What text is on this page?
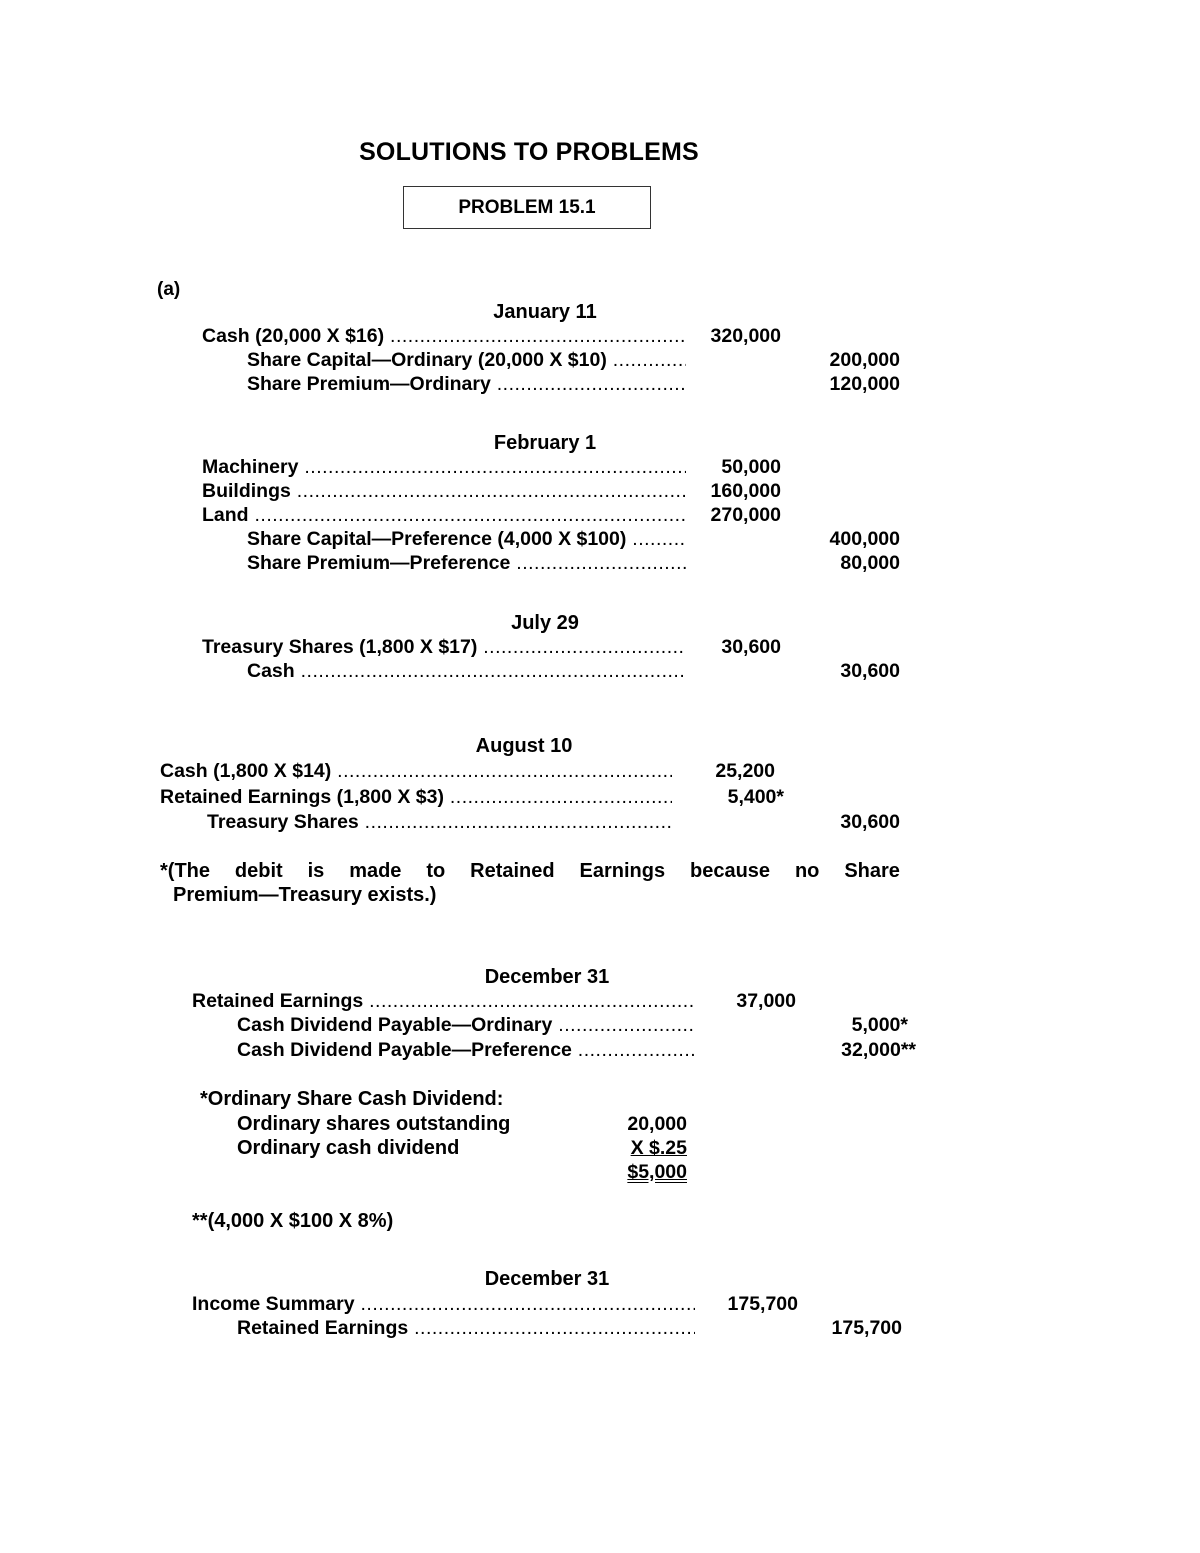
SOLUTIONS TO PROBLEMS
PROBLEM 15.1
(a)
January 11
Cash (20,000 X $16) .....	320,000
Share Capital—Ordinary (20,000 X $10) .....	200,000
Share Premium—Ordinary .....	120,000
February 1
Machinery .....	50,000
Buildings .....	160,000
Land .....	270,000
Share Capital—Preference (4,000 X $100) .....	400,000
Share Premium—Preference .....	80,000
July 29
Treasury Shares (1,800 X $17) .....	30,600
Cash .....	30,600
August 10
Cash (1,800 X $14) .....	25,200
Retained Earnings (1,800 X $3) .....	5,400*
Treasury Shares .....	30,600
*(The debit is made to Retained Earnings because no Share
Premium—Treasury exists.)
December 31
Retained Earnings .....	37,000
Cash Dividend Payable—Ordinary .....	5,000*
Cash Dividend Payable—Preference .....	32,000**
*Ordinary Share Cash Dividend:
Ordinary shares outstanding	20,000
Ordinary cash dividend	X $.25
$5,000
**(4,000 X $100 X 8%)
December 31
Income Summary .....	175,700
Retained Earnings .....	175,700
